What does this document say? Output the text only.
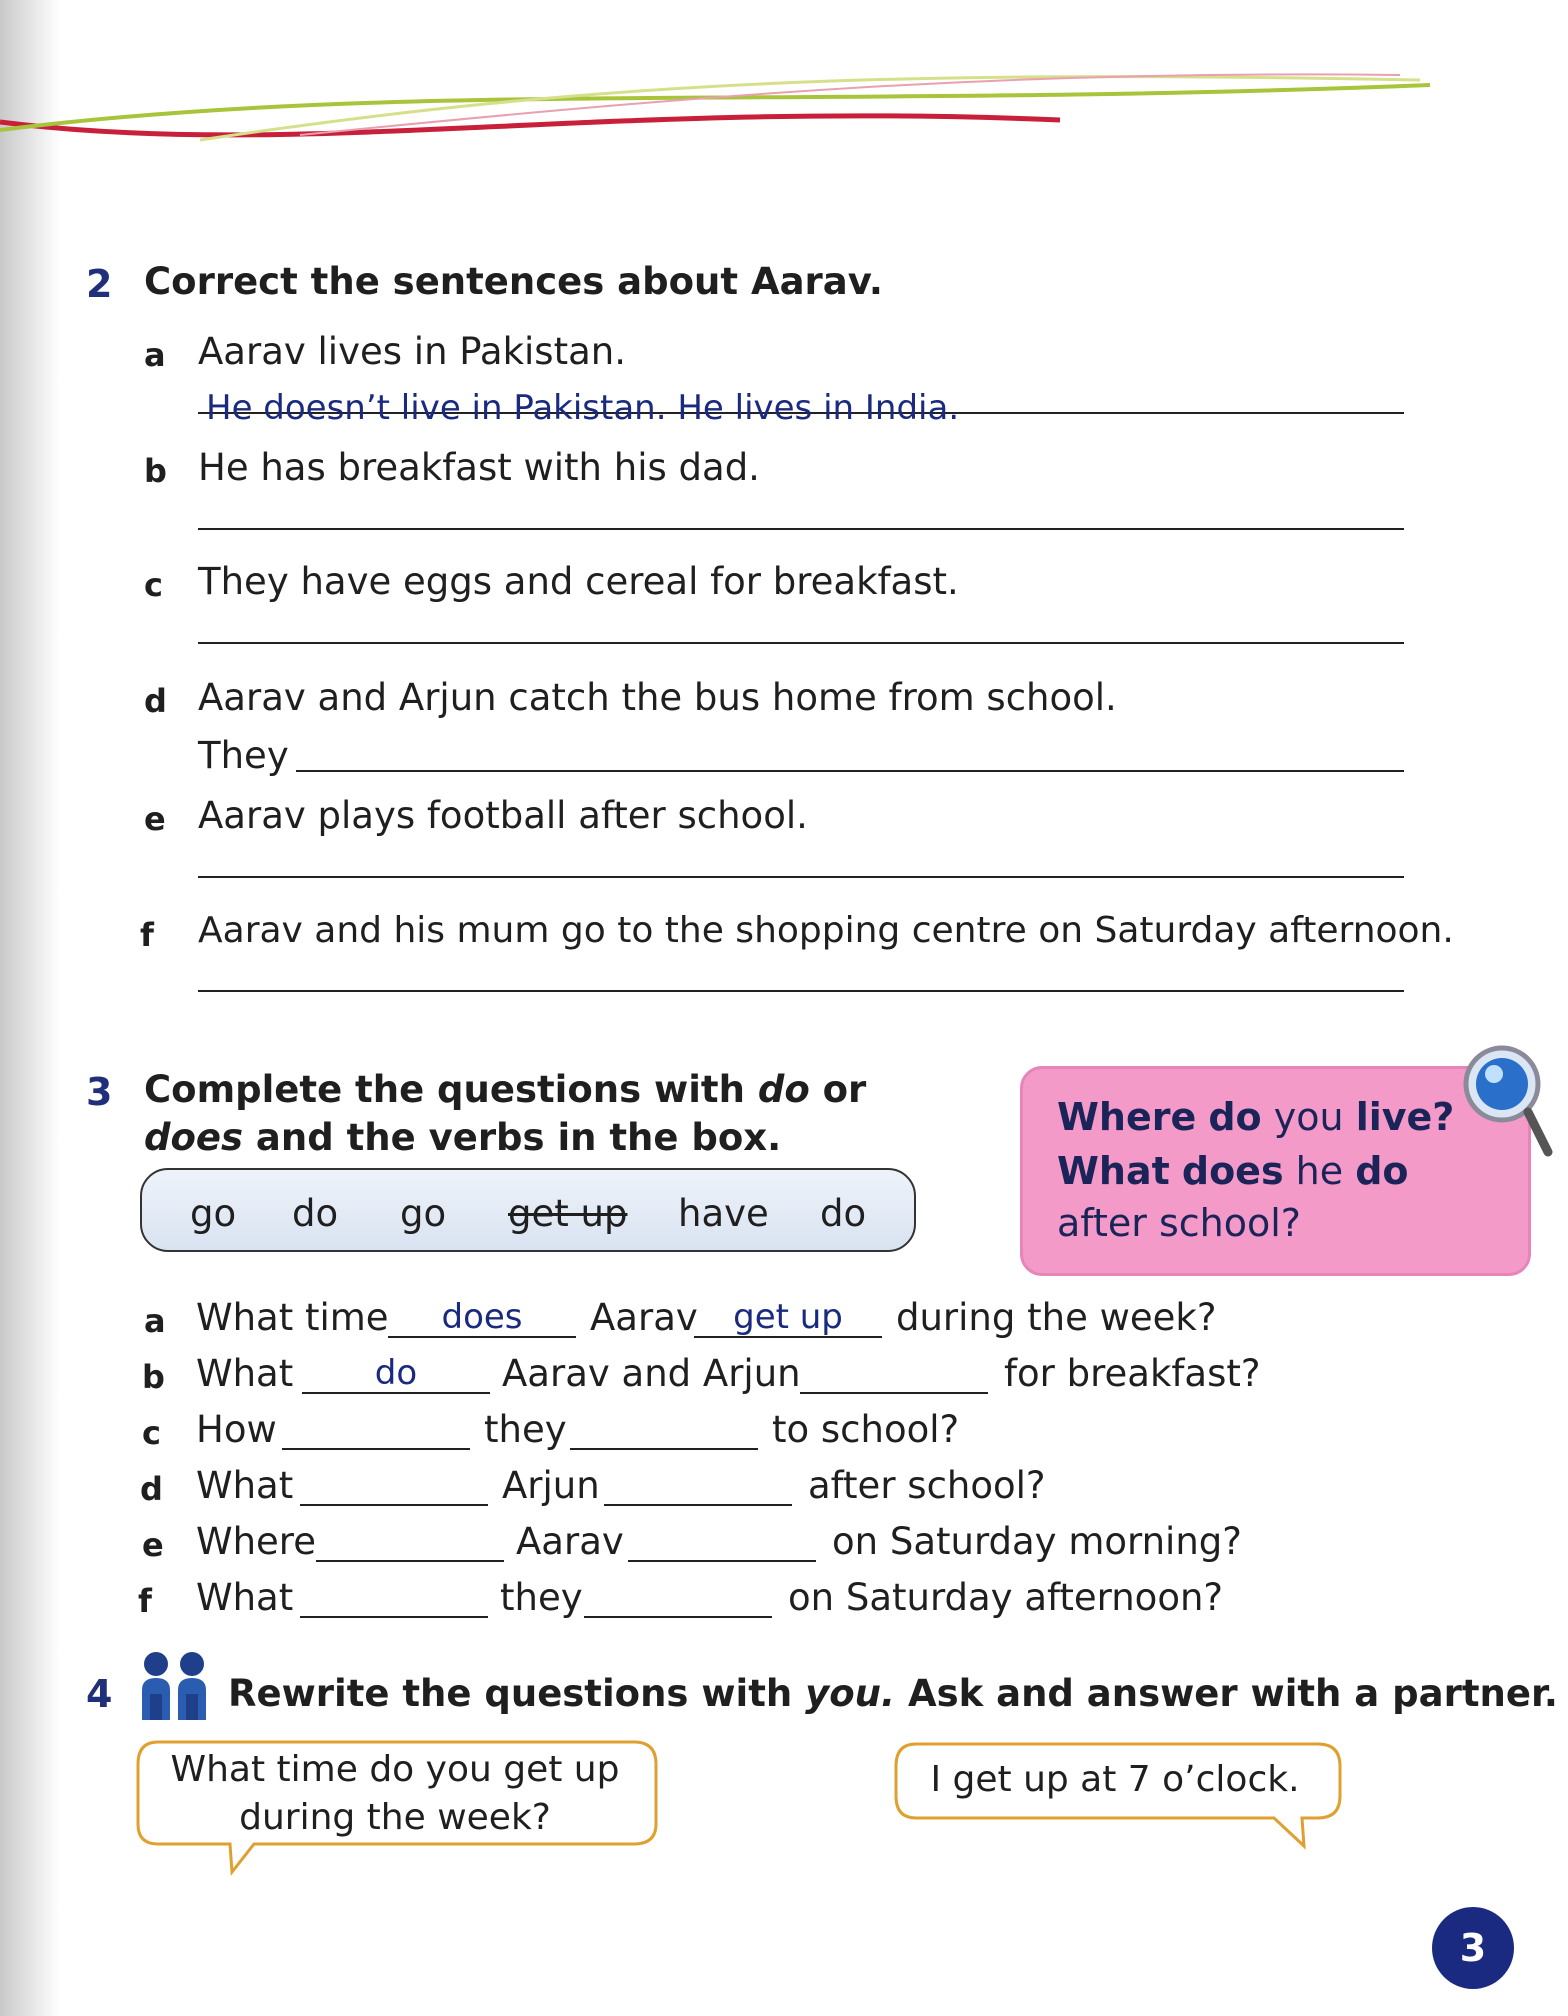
2 Correct the sentences about Aarav.
a Aarav lives in Pakistan.
He doesn’t live in Pakistan. He lives in India.
b He has breakfast with his dad.
c They have eggs and cereal for breakfast.
d Aarav and Arjun catch the bus home from school.
They
e Aarav plays football after school.
f Aarav and his mum go to the shopping centre on Saturday afternoon.
3 Complete the questions with do or
does and the verbs in the box.
go do go get up have do
Where do you live?
What does he do
after school?
a What time	does	Aarav	get up	during the week?
b What	do	Aarav and Arjun	for breakfast?
c How	they	to school?
d What	Arjun	after school?
e Where	Aarav	on Saturday morning?
f What	they	on Saturday afternoon?
4	Rewrite the questions with you. Ask and answer with a partner.
What time do you get up
during the week?
I get up at 7 o’clock.
3
